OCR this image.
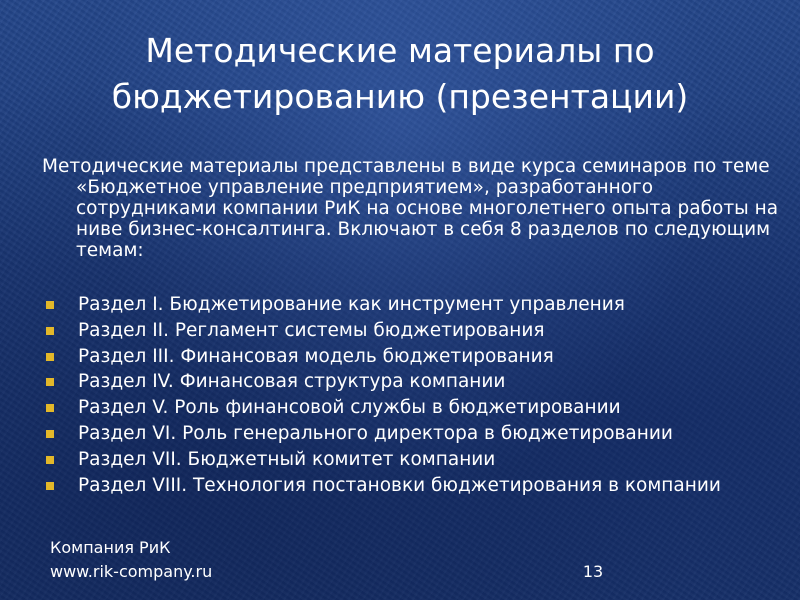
Методические материалы по
бюджетированию (презентации)

Методические материалы представлены в виде курса семинаров по теме «Бюджетное управление предприятием», разработанного сотрудниками компании РиК на основе многолетнего опыта работы на ниве бизнес-консалтинга. Включают в себя 8 разделов по следующим темам:

Раздел I. Бюджетирование как инструмент управления
Раздел II. Регламент системы бюджетирования
Раздел III. Финансовая модель бюджетирования
Раздел IV. Финансовая структура компании
Раздел V. Роль финансовой службы в бюджетировании
Раздел VI. Роль генерального директора в бюджетировании
Раздел VII. Бюджетный комитет компании
Раздел VIII. Технология постановки бюджетирования в компании
Компания РиК
www.rik-company.ru	13
